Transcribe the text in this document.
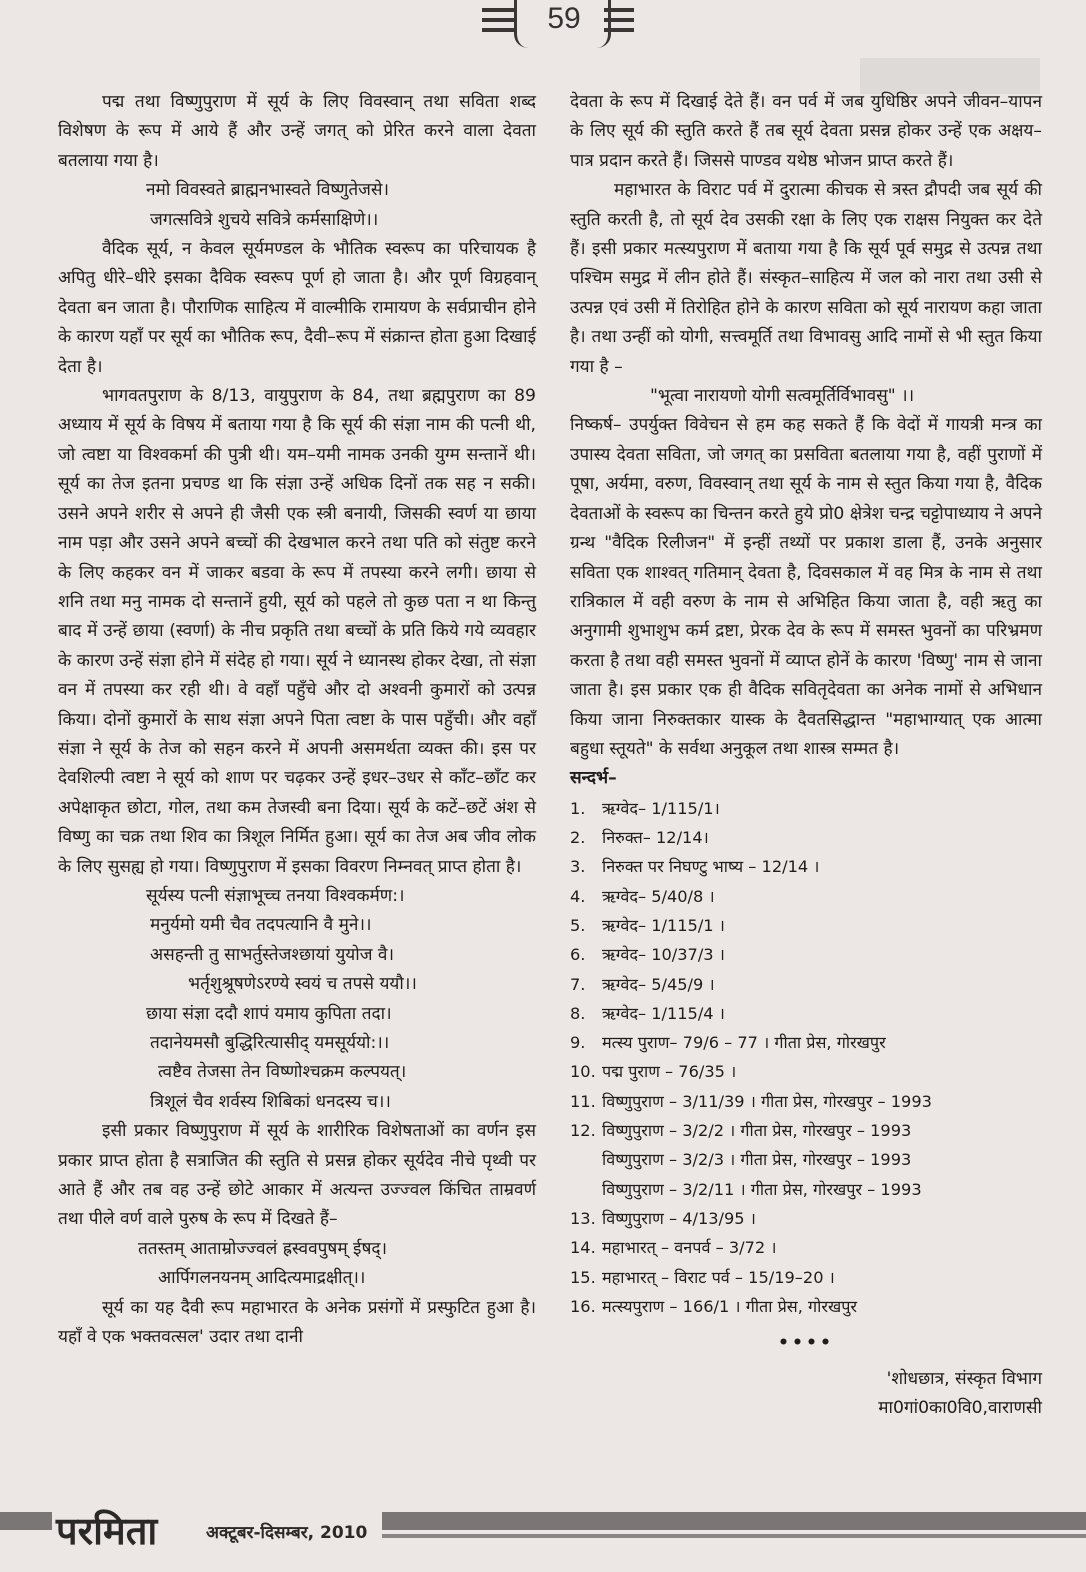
59

पद्म तथा विष्णुपुराण में सूर्य के लिए विवस्वान् तथा सविता शब्द विशेषण के रूप में आये हैं और उन्हें जगत् को प्रेरित करने वाला देवता बतलाया गया है।

नमो विवस्वते ब्राह्मनभास्वते विष्णुतेजसे।

जगत्सवित्रे शुचये सवित्रे कर्मसाक्षिणे।।

वैदिक सूर्य, न केवल सूर्यमण्डल के भौतिक स्वरूप का परिचायक है अपितु धीरे–धीरे इसका दैविक स्वरूप पूर्ण हो जाता है। और पूर्ण विग्रहवान् देवता बन जाता है। पौराणिक साहित्य में वाल्मीकि रामायण के सर्वप्राचीन होने के कारण यहाँ पर सूर्य का भौतिक रूप, दैवी–रूप में संक्रान्त होता हुआ दिखाई देता है।

भागवतपुराण के 8/13, वायुपुराण के 84, तथा ब्रह्मपुराण का 89 अध्याय में सूर्य के विषय में बताया गया है कि सूर्य की संज्ञा नाम की पत्नी थी, जो त्वष्टा या विश्वकर्मा की पुत्री थी। यम–यमी नामक उनकी युग्म सन्तानें थी। सूर्य का तेज इतना प्रचण्ड था कि संज्ञा उन्हें अधिक दिनों तक सह न सकी। उसने अपने शरीर से अपने ही जैसी एक स्त्री बनायी, जिसकी स्वर्ण या छाया नाम पड़ा और उसने अपने बच्चों की देखभाल करने तथा पति को संतुष्ट करने के लिए कहकर वन में जाकर बडवा के रूप में तपस्या करने लगी। छाया से शनि तथा मनु नामक दो सन्तानें हुयी, सूर्य को पहले तो कुछ पता न था किन्तु बाद में उन्हें छाया (स्वर्णा) के नीच प्रकृति तथा बच्चों के प्रति किये गये व्यवहार के कारण उन्हें संज्ञा होने में संदेह हो गया। सूर्य ने ध्यानस्थ होकर देखा, तो संज्ञा वन में तपस्या कर रही थी। वे वहाँ पहुँचे और दो अश्वनी कुमारों को उत्पन्न किया। दोनों कुमारों के साथ संज्ञा अपने पिता त्वष्टा के पास पहुँची। और वहाँ संज्ञा ने सूर्य के तेज को सहन करने में अपनी असमर्थता व्यक्त की। इस पर देवशिल्पी त्वष्टा ने सूर्य को शाण पर चढ़कर उन्हें इधर–उधर से काँट–छाँट कर अपेक्षाकृत छोटा, गोल, तथा कम तेजस्वी बना दिया। सूर्य के कटें–छटें अंश से विष्णु का चक्र तथा शिव का त्रिशूल निर्मित हुआ। सूर्य का तेज अब जीव लोक के लिए सुसह्य हो गया। विष्णुपुराण में इसका विवरण निम्नवत् प्राप्त होता है।

सूर्यस्य पत्नी संज्ञाभूच्च तनया विश्वकर्मण:।

मनुर्यमो यमी चैव तदपत्यानि वै मुने।।

असहन्ती तु साभर्तुस्तेजश्छायां युयोज वै।

भर्तृशुश्रूषणेऽरण्ये स्वयं च तपसे ययौ।।

छाया संज्ञा ददौ शापं यमाय कुपिता तदा।

तदानेयमसौ बुद्धिरित्यासीद् यमसूर्ययो:।।

त्वष्टैव तेजसा तेन विष्णोश्चक्रम कल्पयत्।

त्रिशूलं चैव शर्वस्य शिबिकां धनदस्य च।।

इसी प्रकार विष्णुपुराण में सूर्य के शारीरिक विशेषताओं का वर्णन इस प्रकार प्राप्त होता है सत्राजित की स्तुति से प्रसन्न होकर सूर्यदेव नीचे पृथ्वी पर आते हैं और तब वह उन्हें छोटे आकार में अत्यन्त उज्ज्वल किंचित ताम्रवर्ण तथा पीले वर्ण वाले पुरुष के रूप में दिखते हैं–

ततस्तम् आताम्रोज्ज्वलं ह्रस्ववपुषम् ईषद्।

आर्पिगलनयनम् आदित्यमाद्रक्षीत्।।

सूर्य का यह दैवी रूप महाभारत के अनेक प्रसंगों में प्रस्फुटित हुआ है। यहाँ वे एक भक्तवत्सल' उदार तथा दानी

देवता के रूप में दिखाई देते हैं। वन पर्व में जब युधिष्ठिर अपने जीवन–यापन के लिए सूर्य की स्तुति करते हैं तब सूर्य देवता प्रसन्न होकर उन्हें एक अक्षय–पात्र प्रदान करते हैं। जिससे पाण्डव यथेष्ठ भोजन प्राप्त करते हैं।

महाभारत के विराट पर्व में दुरात्मा कीचक से त्रस्त द्रौपदी जब सूर्य की स्तुति करती है, तो सूर्य देव उसकी रक्षा के लिए एक राक्षस नियुक्त कर देते हैं। इसी प्रकार मत्स्यपुराण में बताया गया है कि सूर्य पूर्व समुद्र से उत्पन्न तथा पश्चिम समुद्र में लीन होते हैं। संस्कृत–साहित्य में जल को नारा तथा उसी से उत्पन्न एवं उसी में तिरोहित होने के कारण सविता को सूर्य नारायण कहा जाता है। तथा उन्हीं को योगी, सत्त्वमूर्ति तथा विभावसु आदि नामों से भी स्तुत किया गया है –

"भूत्वा नारायणो योगी सत्वमूर्तिर्विभावसु" ।।

निष्कर्ष– उपर्युक्त विवेचन से हम कह सकते हैं कि वेदों में गायत्री मन्त्र का उपास्य देवता सविता, जो जगत् का प्रसविता बतलाया गया है, वहीं पुराणों में पूषा, अर्यमा, वरुण, विवस्वान् तथा सूर्य के नाम से स्तुत किया गया है, वैदिक देवताओं के स्वरूप का चिन्तन करते हुये प्रो0 क्षेत्रेश चन्द्र चट्टोपाध्याय ने अपने ग्रन्थ "वैदिक रिलीजन" में इन्हीं तथ्यों पर प्रकाश डाला हैं, उनके अनुसार सविता एक शाश्वत् गतिमान् देवता है, दिवसकाल में वह मित्र के नाम से तथा रात्रिकाल में वही वरुण के नाम से अभिहित किया जाता है, वही ऋतु का अनुगामी शुभाशुभ कर्म द्रष्टा, प्रेरक देव के रूप में समस्त भुवनों का परिभ्रमण करता है तथा वही समस्त भुवनों में व्याप्त होनें के कारण 'विष्णु' नाम से जाना जाता है। इस प्रकार एक ही वैदिक सवितृदेवता का अनेक नामों से अभिधान किया जाना निरुक्तकार यास्क के दैवतसिद्धान्त "महाभाग्यात् एक आत्मा बहुधा स्तूयते" के सर्वथा अनुकूल तथा शास्त्र सम्मत है।

सन्दर्भ–

1. ऋग्वेद– 1/115/1।
2. निरुक्त– 12/14।
3. निरुक्त पर निघण्टु भाष्य – 12/14 ।
4. ऋग्वेद– 5/40/8 ।
5. ऋग्वेद– 1/115/1 ।
6. ऋग्वेद– 10/37/3 ।
7. ऋग्वेद– 5/45/9 ।
8. ऋग्वेद– 1/115/4 ।
9. मत्स्य पुराण– 79/6 – 77 । गीता प्रेस, गोरखपुर
10. पद्म पुराण – 76/35 ।
11. विष्णुपुराण – 3/11/39 । गीता प्रेस, गोरखपुर – 1993
12. विष्णुपुराण – 3/2/2 । गीता प्रेस, गोरखपुर – 1993
विष्णुपुराण – 3/2/3 । गीता प्रेस, गोरखपुर – 1993
विष्णुपुराण – 3/2/11 । गीता प्रेस, गोरखपुर – 1993
13. विष्णुपुराण – 4/13/95 ।
14. महाभारत् – वनपर्व – 3/72 ।
15. महाभारत् – विराट पर्व – 15/19–20 ।
16. मत्स्यपुराण – 166/1 । गीता प्रेस, गोरखपुर

••••

'शोधछात्र, संस्कृत विभाग

मा0गां0का0वि0,वाराणसी

परमिता	अक्टूबर-दिसम्बर, 2010
